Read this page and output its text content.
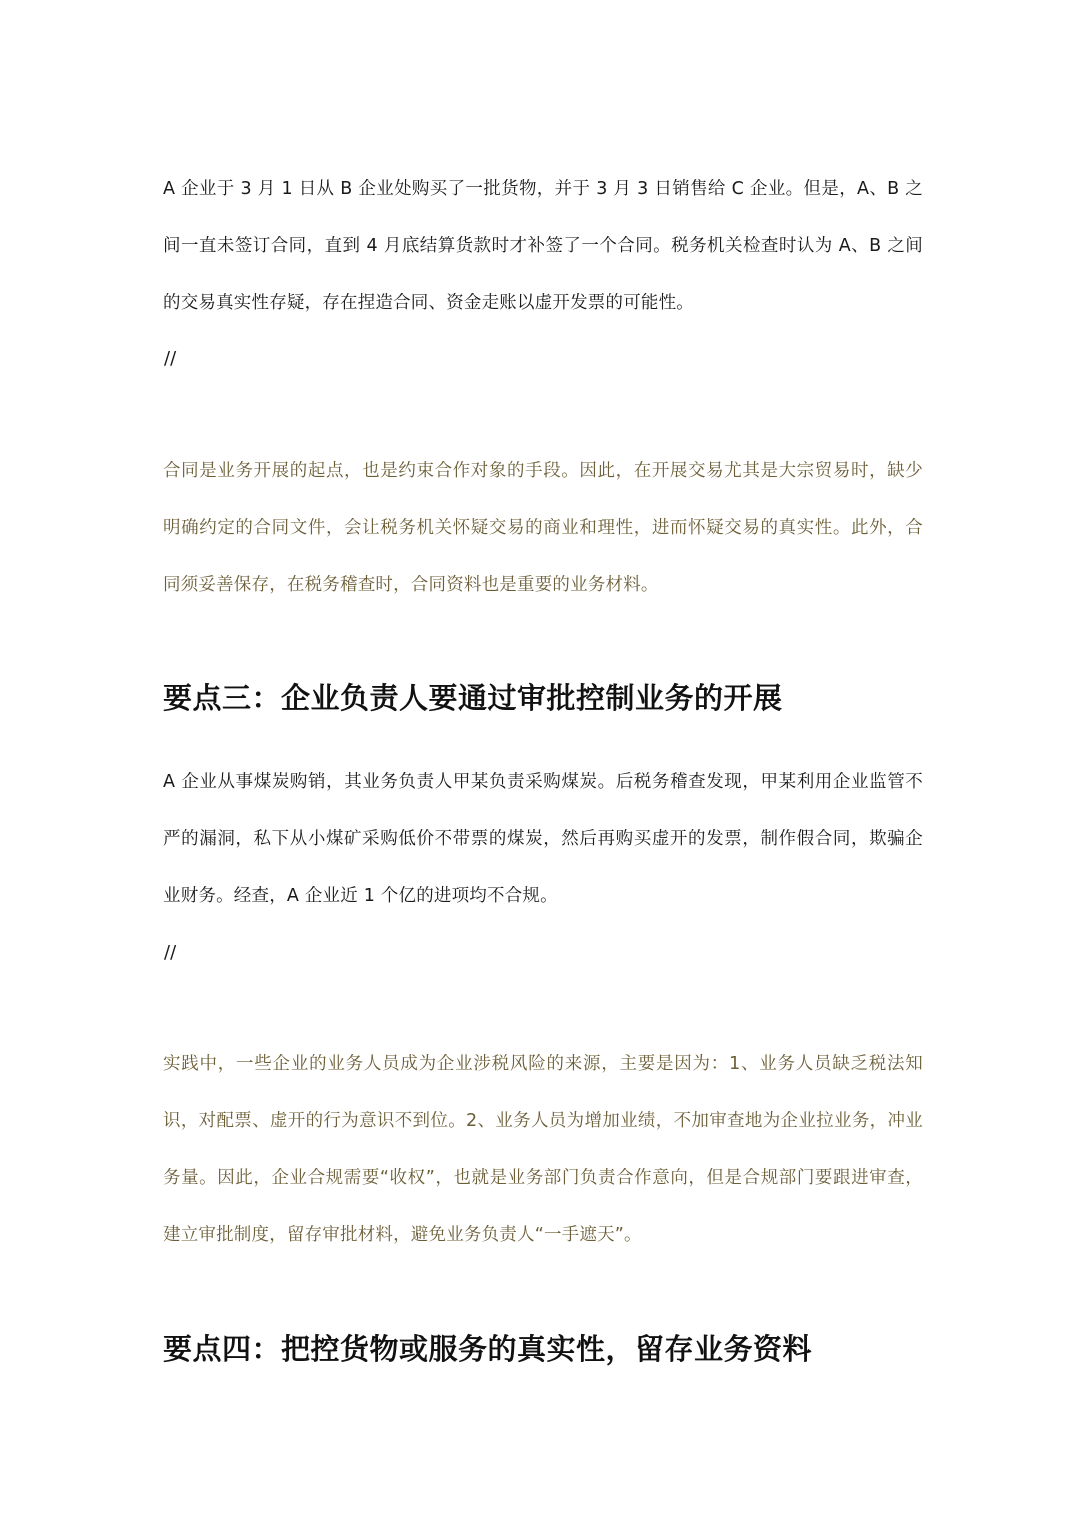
A 企业于 3 月 1 日从 B 企业处购买了一批货物，并于 3 月 3 日销售给 C 企业。但是，A、B 之间一直未签订合同，直到 4 月底结算货款时才补签了一个合同。税务机关检查时认为 A、B 之间的交易真实性存疑，存在捏造合同、资金走账以虚开发票的可能性。

//

合同是业务开展的起点，也是约束合作对象的手段。因此，在开展交易尤其是大宗贸易时，缺少明确约定的合同文件，会让税务机关怀疑交易的商业和理性，进而怀疑交易的真实性。此外，合同须妥善保存，在税务稽查时，合同资料也是重要的业务材料。

要点三：企业负责人要通过审批控制业务的开展

A 企业从事煤炭购销，其业务负责人甲某负责采购煤炭。后税务稽查发现，甲某利用企业监管不严的漏洞，私下从小煤矿采购低价不带票的煤炭，然后再购买虚开的发票，制作假合同，欺骗企业财务。经查，A 企业近 1 个亿的进项均不合规。

//

实践中，一些企业的业务人员成为企业涉税风险的来源，主要是因为：1、业务人员缺乏税法知识，对配票、虚开的行为意识不到位。2、业务人员为增加业绩，不加审查地为企业拉业务，冲业务量。因此，企业合规需要“收权”，也就是业务部门负责合作意向，但是合规部门要跟进审查，建立审批制度，留存审批材料，避免业务负责人“一手遮天”。

要点四：把控货物或服务的真实性，留存业务资料
